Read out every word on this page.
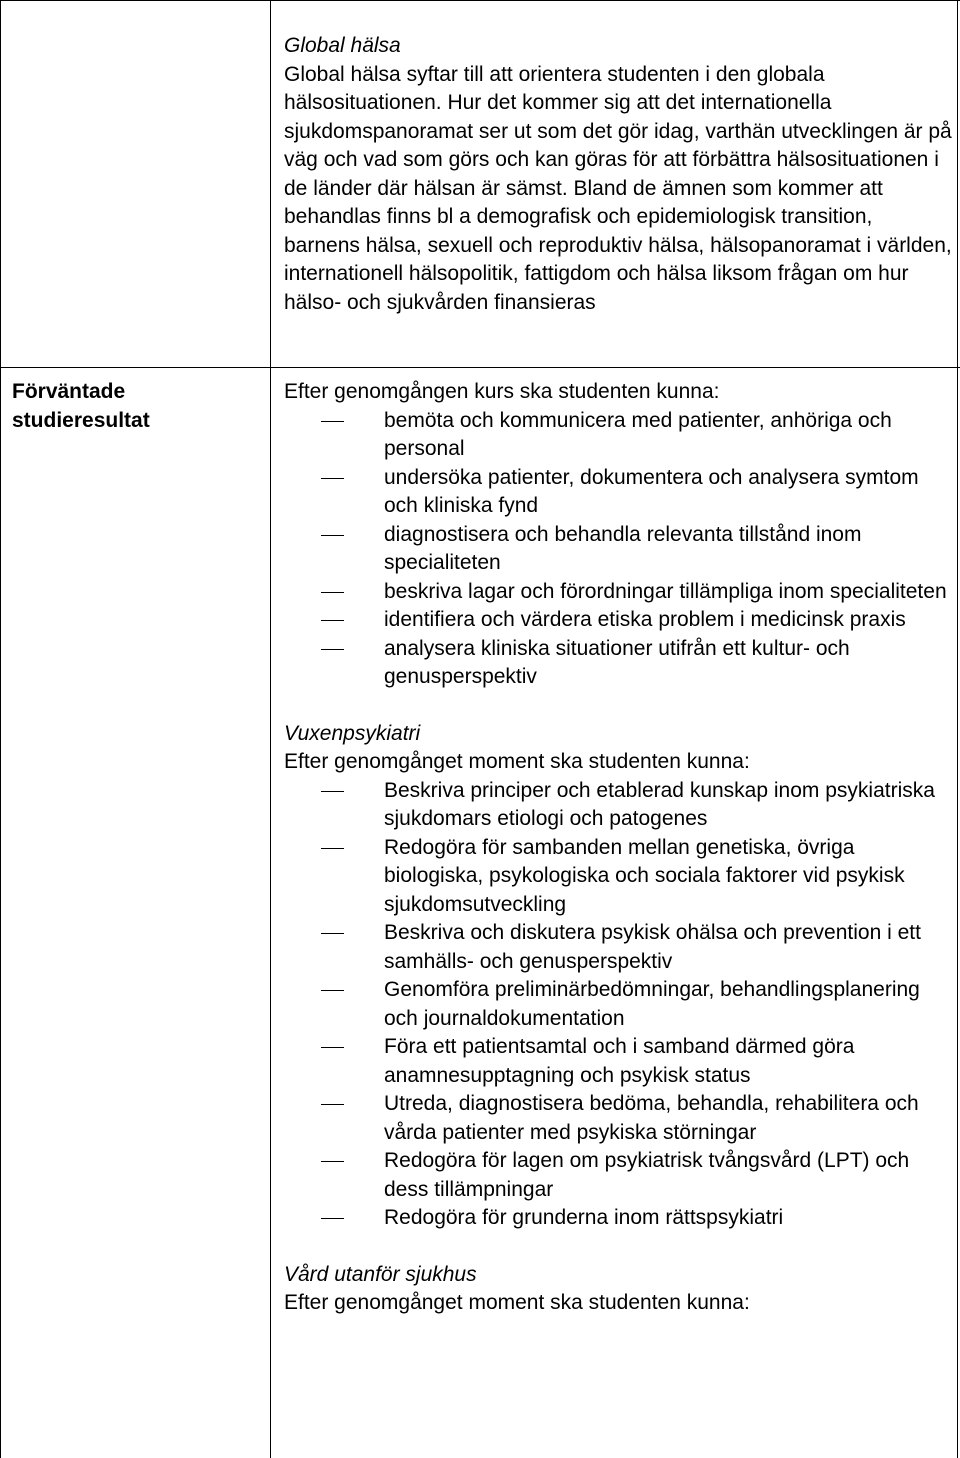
Global hälsa

Global hälsa syftar till att orientera studenten i den globala hälsosituationen. Hur det kommer sig att det internationella sjukdomspanoramat ser ut som det gör idag, varthän utvecklingen är på väg och vad som görs och kan göras för att förbättra hälsosituationen i de länder där hälsan är sämst. Bland de ämnen som kommer att behandlas finns bl a demografisk och epidemiologisk transition, barnens hälsa, sexuell och reproduktiv hälsa, hälsopanoramat i världen, internationell hälsopolitik, fattigdom och hälsa liksom frågan om hur hälso- och sjukvården finansieras

Förväntade

studieresultat

Efter genomgången kurs ska studenten kunna:

bemöta och kommunicera med patienter, anhöriga och personal
undersöka patienter, dokumentera och analysera symtom och kliniska fynd
diagnostisera och behandla relevanta tillstånd inom specialiteten
beskriva lagar och förordningar tillämpliga inom specialiteten
identifiera och värdera etiska problem i medicinsk praxis
analysera kliniska situationer utifrån ett kultur- och genusperspektiv

Vuxenpsykiatri

Efter genomgånget moment ska studenten kunna:

Beskriva principer och etablerad kunskap inom psykiatriska sjukdomars etiologi och patogenes
Redogöra för sambanden mellan genetiska, övriga biologiska, psykologiska och sociala faktorer vid psykisk sjukdomsutveckling
Beskriva och diskutera psykisk ohälsa och prevention i ett samhälls- och genusperspektiv
Genomföra preliminärbedömningar, behandlingsplanering och journaldokumentation
Föra ett patientsamtal och i samband därmed göra anamnesupptagning och psykisk status
Utreda, diagnostisera bedöma, behandla, rehabilitera och vårda patienter med psykiska störningar
Redogöra för lagen om psykiatrisk tvångsvård (LPT) och dess tillämpningar
Redogöra för grunderna inom rättspsykiatri

Vård utanför sjukhus

Efter genomgånget moment ska studenten kunna:
